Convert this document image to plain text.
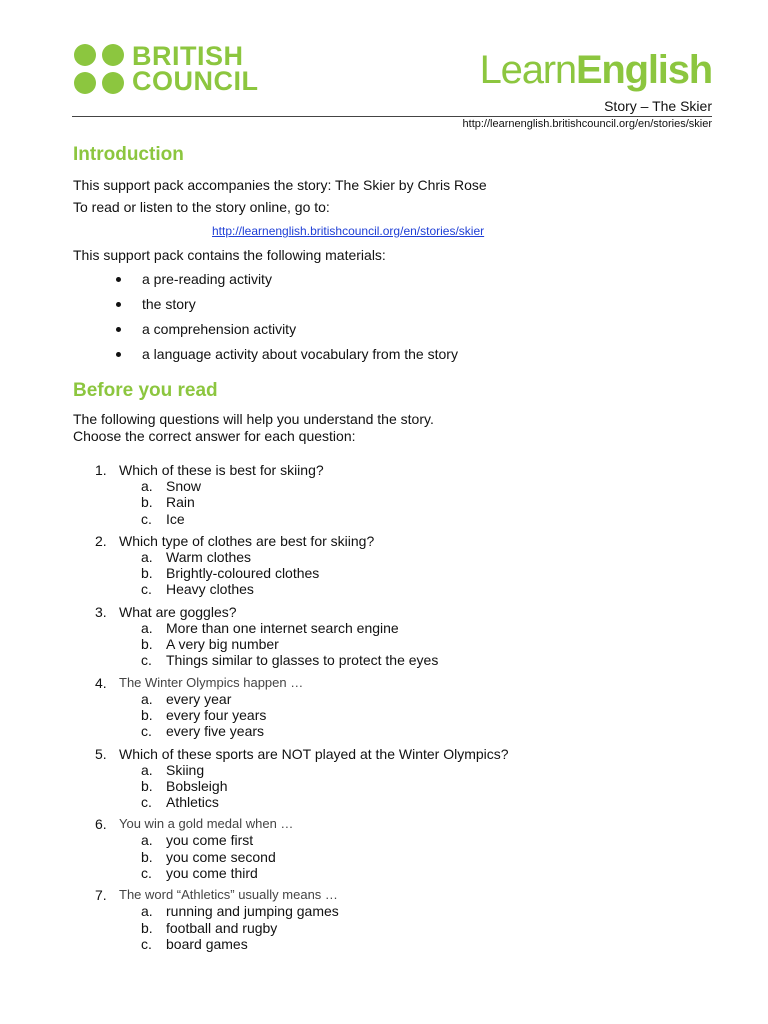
BRITISH
COUNCIL	LearnEnglish
Story – The Skier
http://learnenglish.britishcouncil.org/en/stories/skier
Introduction

This support pack accompanies the story: The Skier by Chris Rose

To read or listen to the story online, go to:

http://learnenglish.britishcouncil.org/en/stories/skier

This support pack contains the following materials:

a pre-reading activity
the story
a comprehension activity
a language activity about vocabulary from the story
Before you read

The following questions will help you understand the story.

Choose the correct answer for each question:

1. Which of these is best for skiing?
a. Snow
b. Rain
c.	Ice
2. Which type of clothes are best for skiing?
a. Warm clothes
b. Brightly-coloured clothes
c.	Heavy clothes
3. What are goggles?
a. More than one internet search engine
b. A very big number
c.	Things similar to glasses to protect the eyes
4. The Winter Olympics happen …
a. every year
b. every four years
c.	every five years
5. Which of these sports are NOT played at the Winter Olympics?
a. Skiing
b. Bobsleigh
c.	Athletics
6. You win a gold medal when …
a. you come first
b. you come second
c.	you come third
7. The word “Athletics” usually means …
a. running and jumping games
b. football and rugby
c.	board games
